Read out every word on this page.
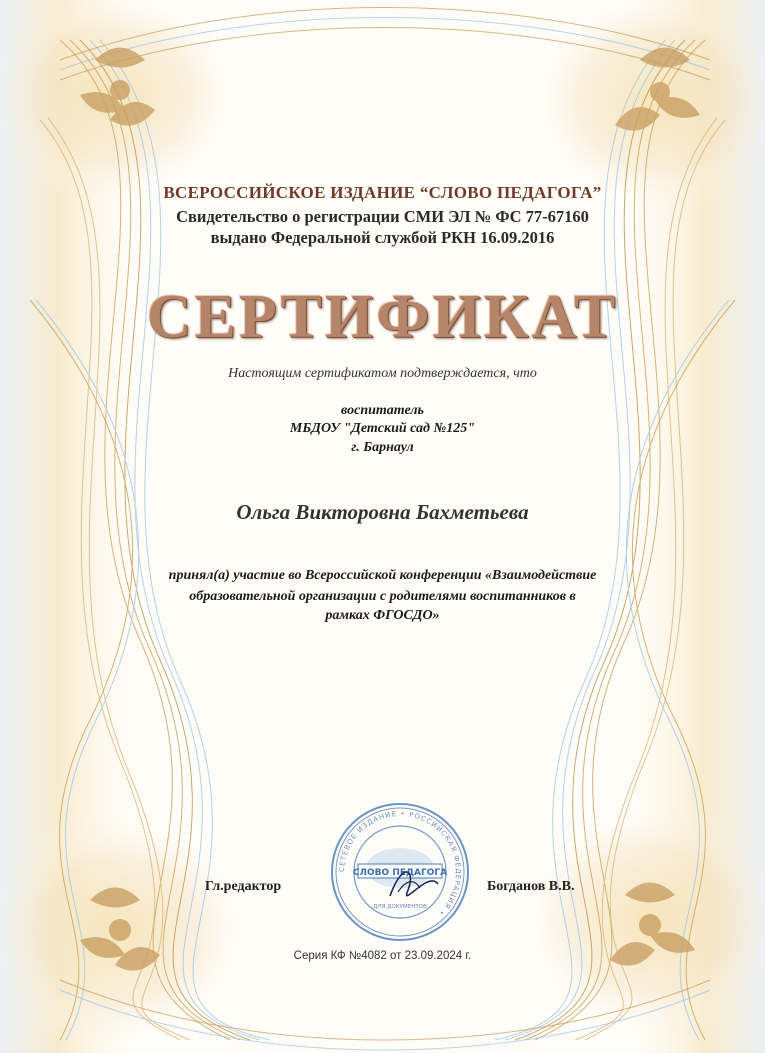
ВСЕРОССИЙСКОЕ ИЗДАНИЕ “СЛОВО ПЕДАГОГА”
Свидетельство о регистрации СМИ ЭЛ № ФС 77-67160
выдано Федеральной службой РКН 16.09.2016
СЕРТИФИКАТ
Настоящим сертификатом подтверждается, что
воспитатель
МБДОУ "Детский сад №125"
г. Барнаул
Ольга Викторовна Бахметьева
принял(а) участие во Всероссийской конференции «Взаимодействие
образовательной организации с родителями воспитанников в
рамках ФГОСДО»
СЕТЕВОЕ ИЗДАНИЕ • РОССИЙСКАЯ ФЕДЕРАЦИЯ •
СЛОВО ПЕДАГОГА
ДЛЯ ДОКУМЕНТОВ
Гл.редактор	Богданов В.В.
Серия КФ №4082 от 23.09.2024 г.
